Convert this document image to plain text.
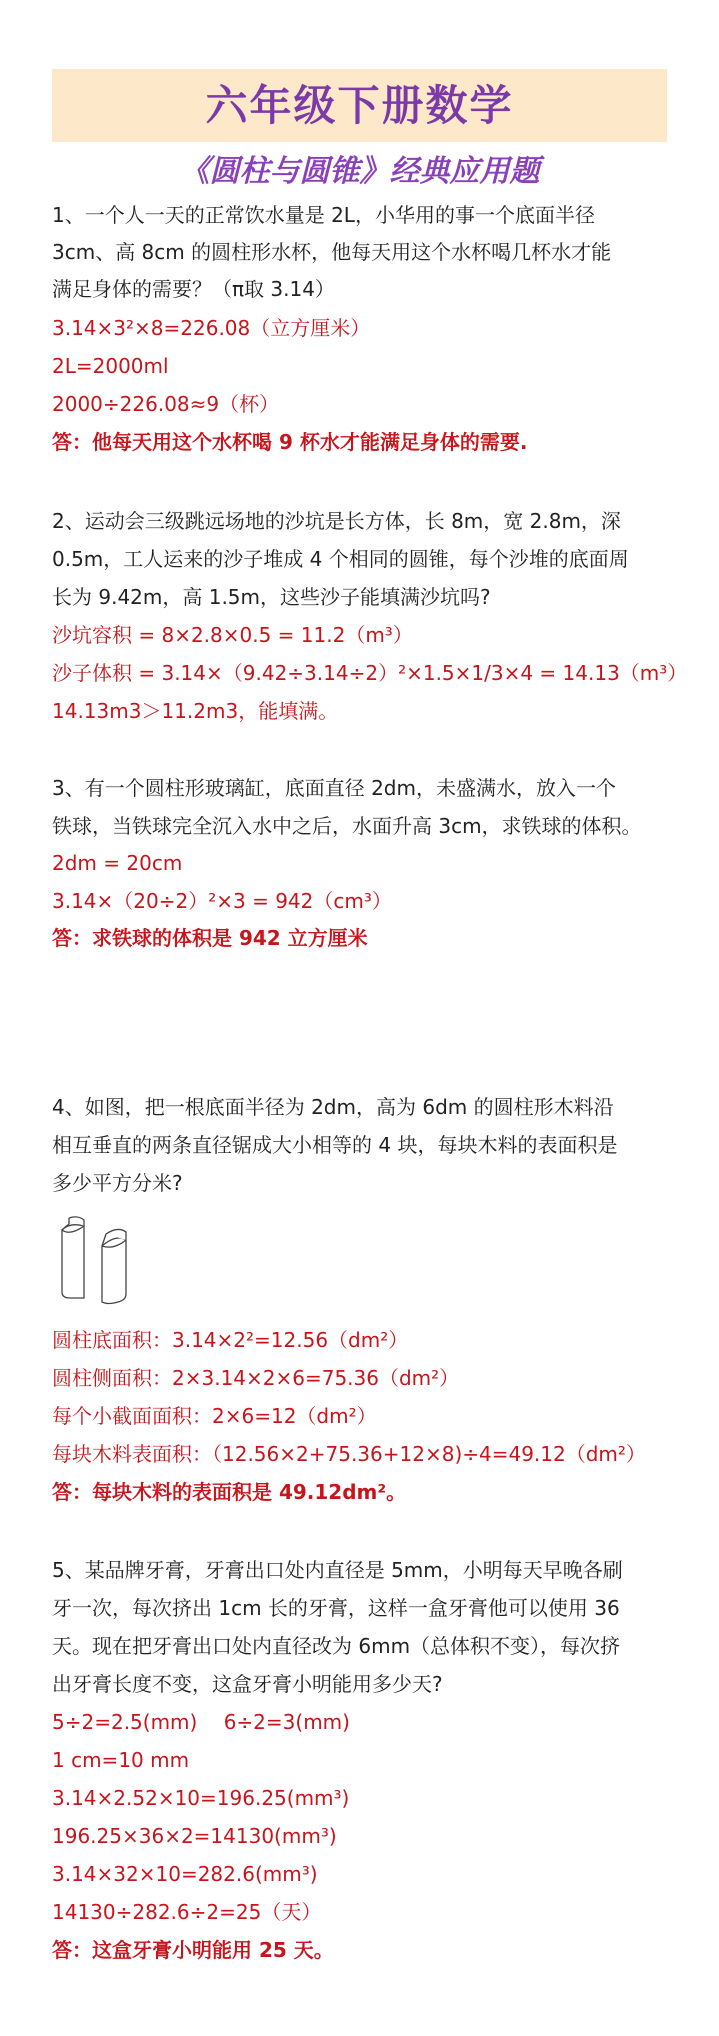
六年级下册数学
《圆柱与圆锥》经典应用题
1、一个人一天的正常饮水量是 2L，小华用的事一个底面半径
3cm、高 8cm 的圆柱形水杯，他每天用这个水杯喝几杯水才能
满足身体的需要？（π取 3.14）
3.14×3²×8=226.08（立方厘米）
2L=2000ml
2000÷226.08≈9（杯）
答：他每天用这个水杯喝 9 杯水才能满足身体的需要.
2、运动会三级跳远场地的沙坑是长方体，长 8m，宽 2.8m，深
0.5m，工人运来的沙子堆成 4 个相同的圆锥，每个沙堆的底面周
长为 9.42m，高 1.5m，这些沙子能填满沙坑吗?
沙坑容积 = 8×2.8×0.5 = 11.2（m³）
沙子体积 = 3.14×（9.42÷3.14÷2）²×1.5×1/3×4 = 14.13（m³）
14.13m3＞11.2m3，能填满。
3、有一个圆柱形玻璃缸，底面直径 2dm，未盛满水，放入一个
铁球，当铁球完全沉入水中之后，水面升高 3cm，求铁球的体积。
2dm = 20cm
3.14×（20÷2）²×3 = 942（cm³）
答：求铁球的体积是 942 立方厘米
4、如图，把一根底面半径为 2dm，高为 6dm 的圆柱形木料沿
相互垂直的两条直径锯成大小相等的 4 块，每块木料的表面积是
多少平方分米?
圆柱底面积：3.14×2²=12.56（dm²）
圆柱侧面积：2×3.14×2×6=75.36（dm²）
每个小截面面积：2×6=12（dm²）
每块木料表面积：（12.56×2+75.36+12×8)÷4=49.12（dm²）
答：每块木料的表面积是 49.12dm²。
5、某品牌牙膏，牙膏出口处内直径是 5mm，小明每天早晚各刷
牙一次，每次挤出 1cm 长的牙膏，这样一盒牙膏他可以使用 36
天。现在把牙膏出口处内直径改为 6mm（总体积不变），每次挤
出牙膏长度不变，这盒牙膏小明能用多少天?
5÷2=2.5(mm)　 6÷2=3(mm)
1 cm=10 mm
3.14×2.52×10=196.25(mm³)
196.25×36×2=14130(mm³)
3.14×32×10=282.6(mm³)
14130÷282.6÷2=25（天）
答：这盒牙膏小明能用 25 天。
